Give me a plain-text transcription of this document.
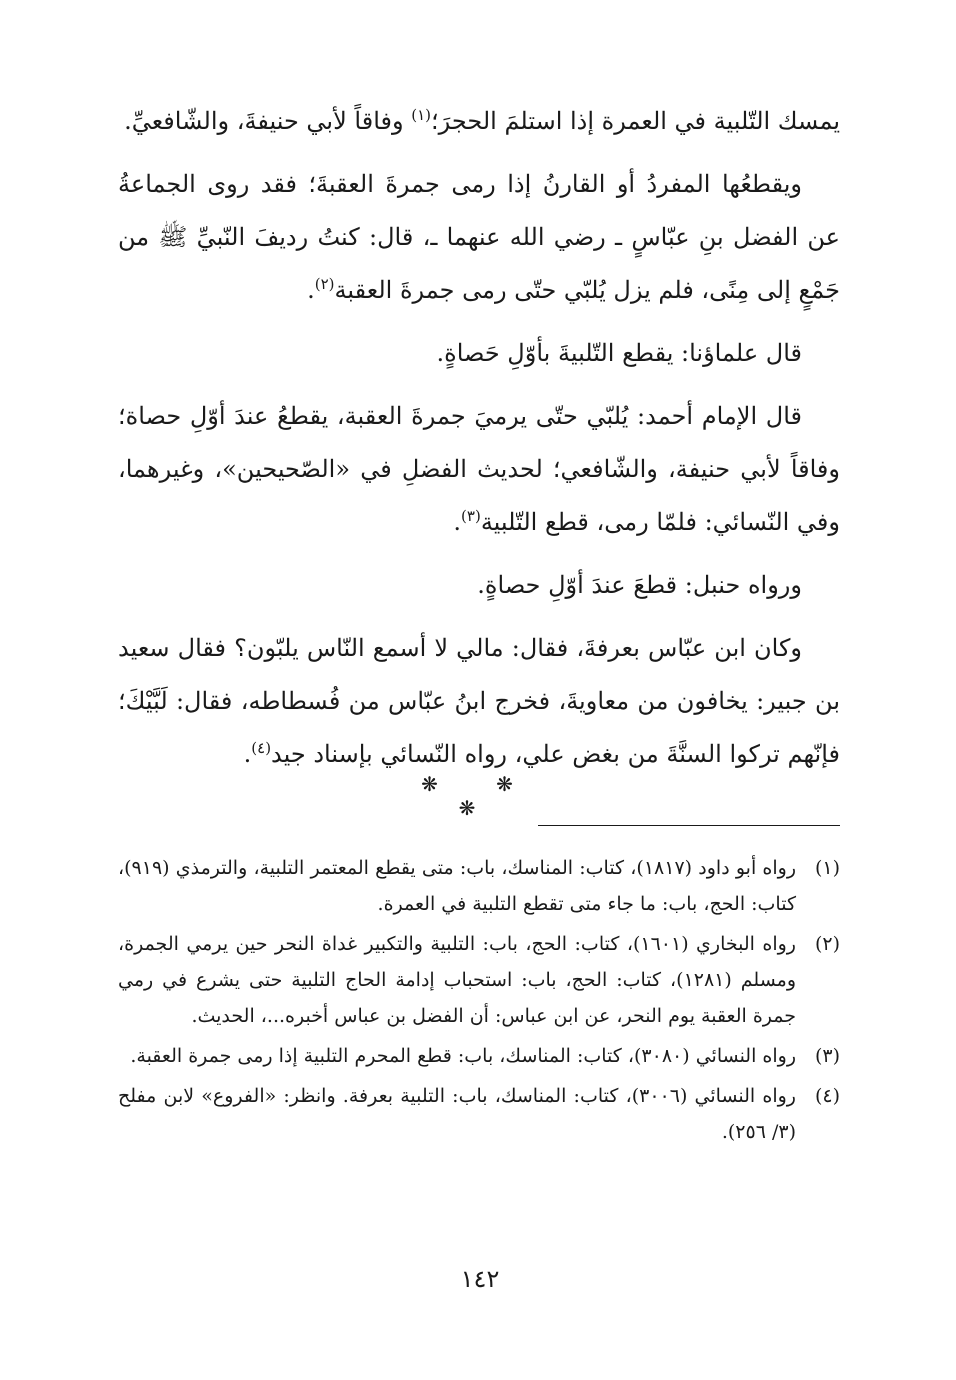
يمسك التّلبية في العمرة إذا استلمَ الحجرَ؛$^{(١)}$ وفاقاً لأبي حنيفةَ، والشّافعيِّ.

ويقطعُها المفردُ أو القارنُ إذا رمى جمرةَ العقبةَ؛ فقد روى الجماعةُ عن الفضل بنِ عبّاسٍ ـ رضي الله عنهما ـ، قال: كنتُ رديفَ النّبيِّ ﷺ من جَمْعٍ إلى مِنًى، فلم يزل يُلبّي حتّى رمى جمرةَ العقبة$^{(٢)}$.

قال علماؤنا: يقطع التّلبيةَ بأوّلِ حَصاةٍ.

قال الإمام أحمد: يُلبّي حتّى يرميَ جمرةَ العقبة، يقطعُ عندَ أوّلِ حصاة؛ وفاقاً لأبي حنيفة، والشّافعي؛ لحديث الفضلِ في «الصّحيحين»، وغيرهما، وفي النّسائي: فلمّا رمى، قطع التّلبية$^{(٣)}$.

ورواه حنبل: قطعَ عندَ أوّلِ حصاةٍ.

وكان ابن عبّاس بعرفةَ، فقال: مالي لا أسمع النّاس يلبّون؟ فقال سعيد بن جبير: يخافون من معاويةَ، فخرج ابنُ عبّاس من فُسطاطه، فقال: لَبَّيْكَ؛ فإنّهم تركوا السنَّةَ من بغض علي، رواه النّسائي بإسناد جيد$^{(٤)}$.

❋ ❋ ❋
(١)
رواه أبو داود (١٨١٧)، كتاب: المناسك، باب: متى يقطع المعتمر التلبية، والترمذي (٩١٩)، كتاب: الحج، باب: ما جاء متى تقطع التلبية في العمرة.
(٢)
رواه البخاري (١٦٠١)، كتاب: الحج، باب: التلبية والتكبير غداة النحر حين يرمي الجمرة، ومسلم (١٢٨١)، كتاب: الحج، باب: استحباب إدامة الحاج التلبية حتى يشرع في رمي جمرة العقبة يوم النحر، عن ابن عباس: أن الفضل بن عباس أخبره...، الحديث.
(٣)
رواه النسائي (٣٠٨٠)، كتاب: المناسك، باب: قطع المحرم التلبية إذا رمى جمرة العقبة.
(٤)
رواه النسائي (٣٠٠٦)، كتاب: المناسك، باب: التلبية بعرفة. وانظر: «الفروع» لابن مفلح (٣/ ٢٥٦).
١٤٢
